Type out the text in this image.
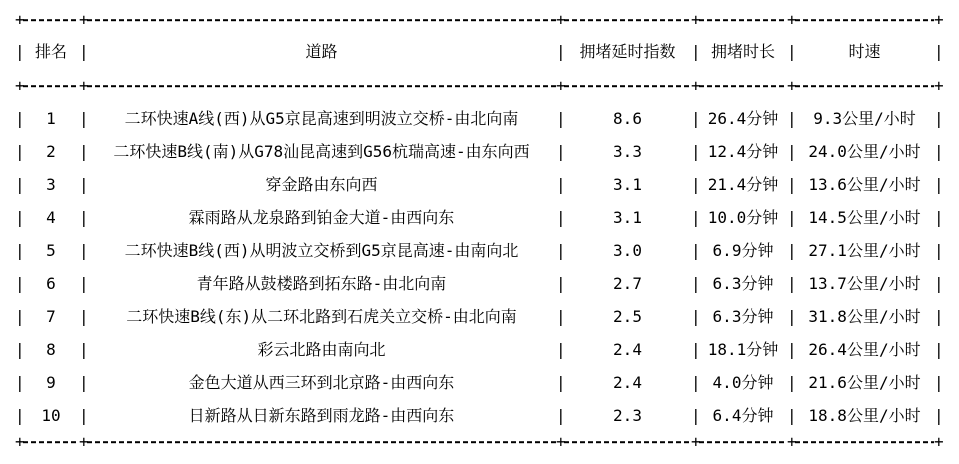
+
+
+
+
+
+
|
排名 |	道路 |	拥堵延时指数 |	拥堵时长 |	时速
|
+
+
+
+
+
+
|
1 |	二环快速A线(西)从G5京昆高速到明波立交桥-由北向南 |	8.6 |	26.4分钟 |	9.3公里/小时
|
|
2 |	二环快速B线(南)从G78汕昆高速到G56杭瑞高速-由东向西 |	3.3 |	12.4分钟 |	24.0公里/小时
|
|
3 |	穿金路由东向西 |	3.1 |	21.4分钟 |	13.6公里/小时
|
|
4 |	霖雨路从龙泉路到铂金大道-由西向东 |	3.1 |	10.0分钟 |	14.5公里/小时
|
|
5 |	二环快速B线(西)从明波立交桥到G5京昆高速-由南向北 |	3.0 |	6.9分钟 |	27.1公里/小时
|
|
6 |	青年路从鼓楼路到拓东路-由北向南 |	2.7 |	6.3分钟 |	13.7公里/小时
|
|
7 |	二环快速B线(东)从二环北路到石虎关立交桥-由北向南 |	2.5 |	6.3分钟 |	31.8公里/小时
|
|
8 |	彩云北路由南向北 |	2.4 |	18.1分钟 |	26.4公里/小时
|
|
9 |	金色大道从西三环到北京路-由西向东 |	2.4 |	4.0分钟 |	21.6公里/小时
|
|
10 |	日新路从日新东路到雨龙路-由西向东 |	2.3 |	6.4分钟 |	18.8公里/小时
|
+
+
+
+
+
+
